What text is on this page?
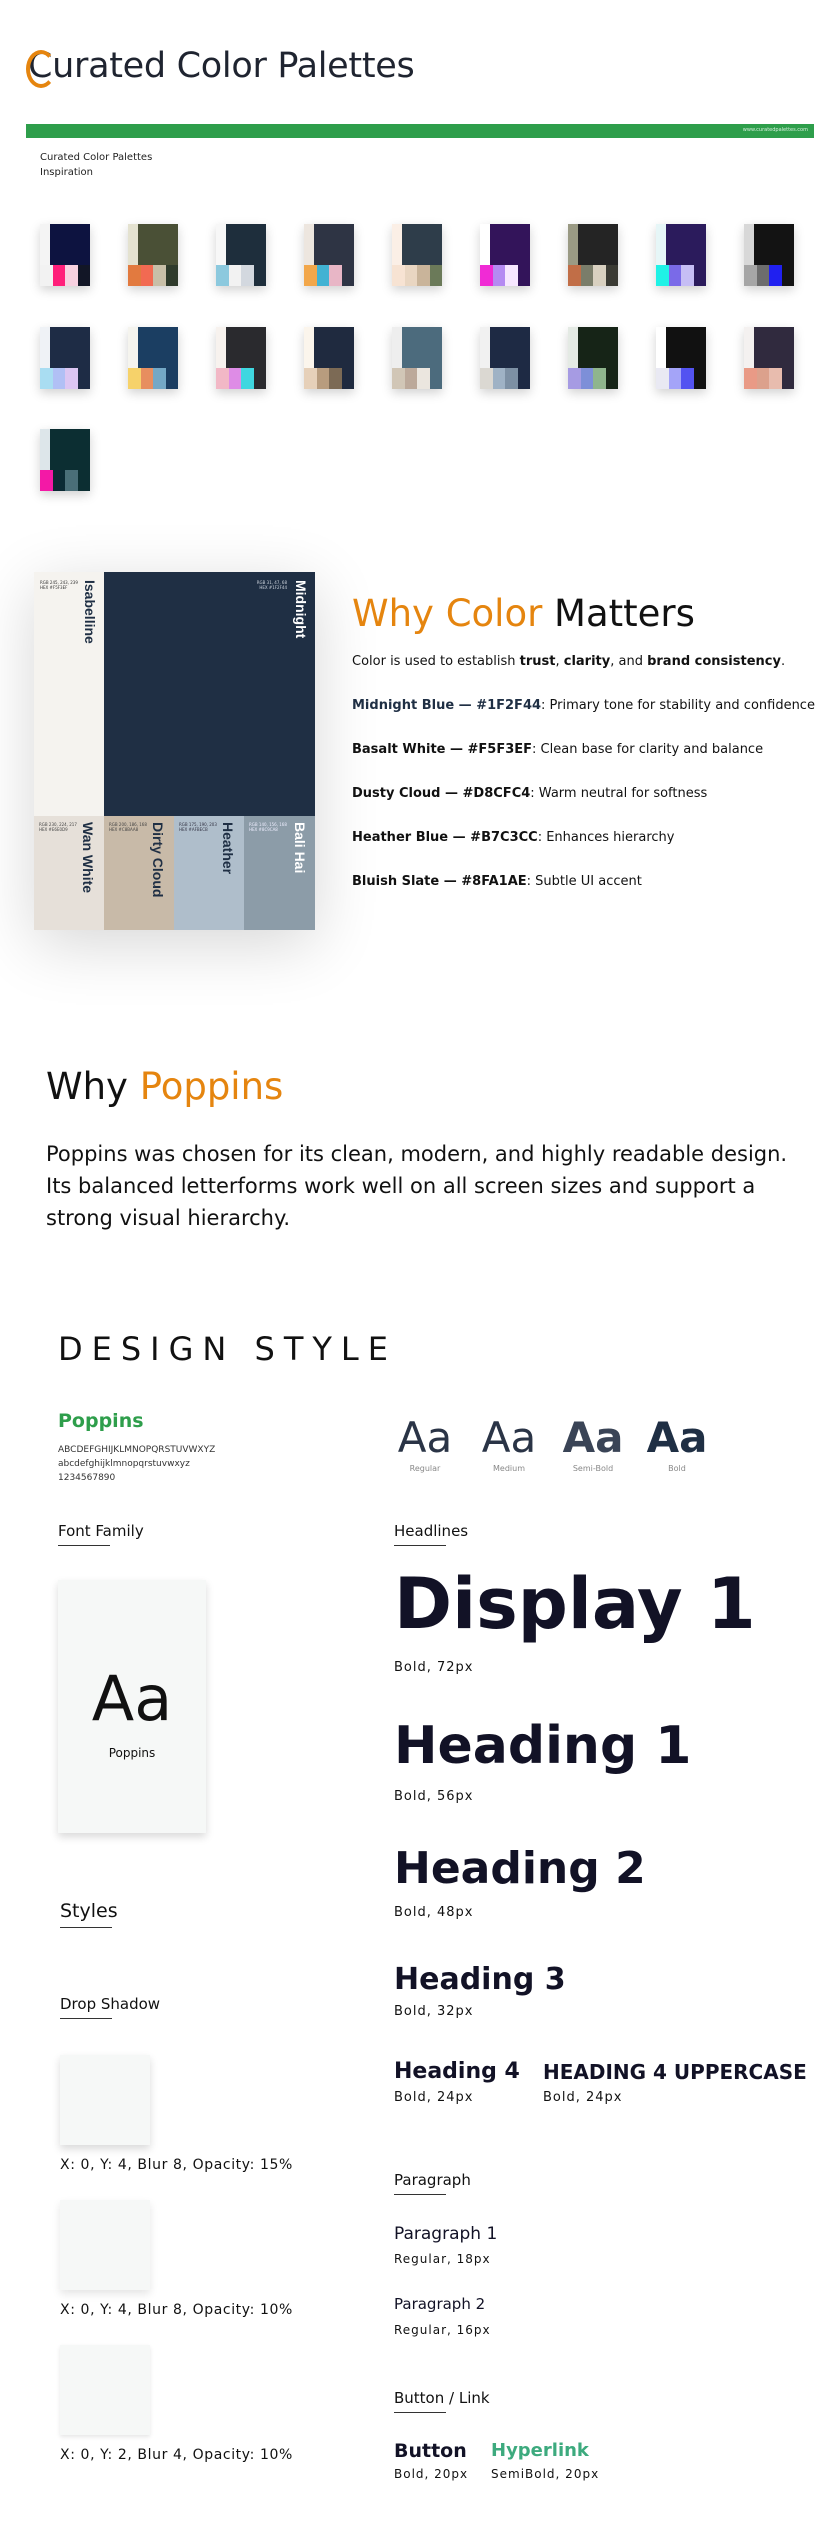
Curated Color Palettes
www.curatedpalettes.com
Curated Color Palettes
Inspiration
RGB 245, 243, 239
HEX #F5F3EF	Isabelline	RGB 31, 47, 68
HEX #1F2F44 Midnight
RGB 230, 224, 217
HEX #E6E0D9 Wan White	RGB 200, 186, 168
HEX #C8BAA8 Dirty Cloud	RGB 175, 190, 203
HEX #AFBECB Heather	RGB 140, 156, 168
HEX #8C9CA8	Bali Hai
Why Color Matters
Color is used to establish trust, clarity, and brand consistency.
Midnight Blue — #1F2F44: Primary tone for stability and confidence
Basalt White — #F5F3EF: Clean base for clarity and balance
Dusty Cloud — #D8CFC4: Warm neutral for softness
Heather Blue — #B7C3CC: Enhances hierarchy
Bluish Slate — #8FA1AE: Subtle UI accent
Why Poppins
Poppins was chosen for its clean, modern, and highly readable design. Its balanced letterforms work well on all screen sizes and support a strong visual hierarchy.
DESIGN STYLE
Poppins
ABCDEFGHIJKLMNOPQRSTUVWXYZ
abcdefghijklmnopqrstuvwxyz
1234567890
Aa
Regular
Aa
Medium
Aa
Semi-Bold
Aa
Bold
Font Family
Aa
Poppins
Styles
Drop Shadow
X: 0, Y: 4, Blur 8, Opacity: 15%
X: 0, Y: 4, Blur 8, Opacity: 10%
X: 0, Y: 2, Blur 4, Opacity: 10%
Headlines
Display 1
Bold, 72px
Heading 1
Bold, 56px
Heading 2
Bold, 48px
Heading 3
Bold, 32px
Heading 4
Bold, 24px
HEADING 4 UPPERCASE
Bold, 24px
Paragraph
Paragraph 1
Regular, 18px
Paragraph 2
Regular, 16px
Button / Link
Button
Bold, 20px
Hyperlink
SemiBold, 20px
